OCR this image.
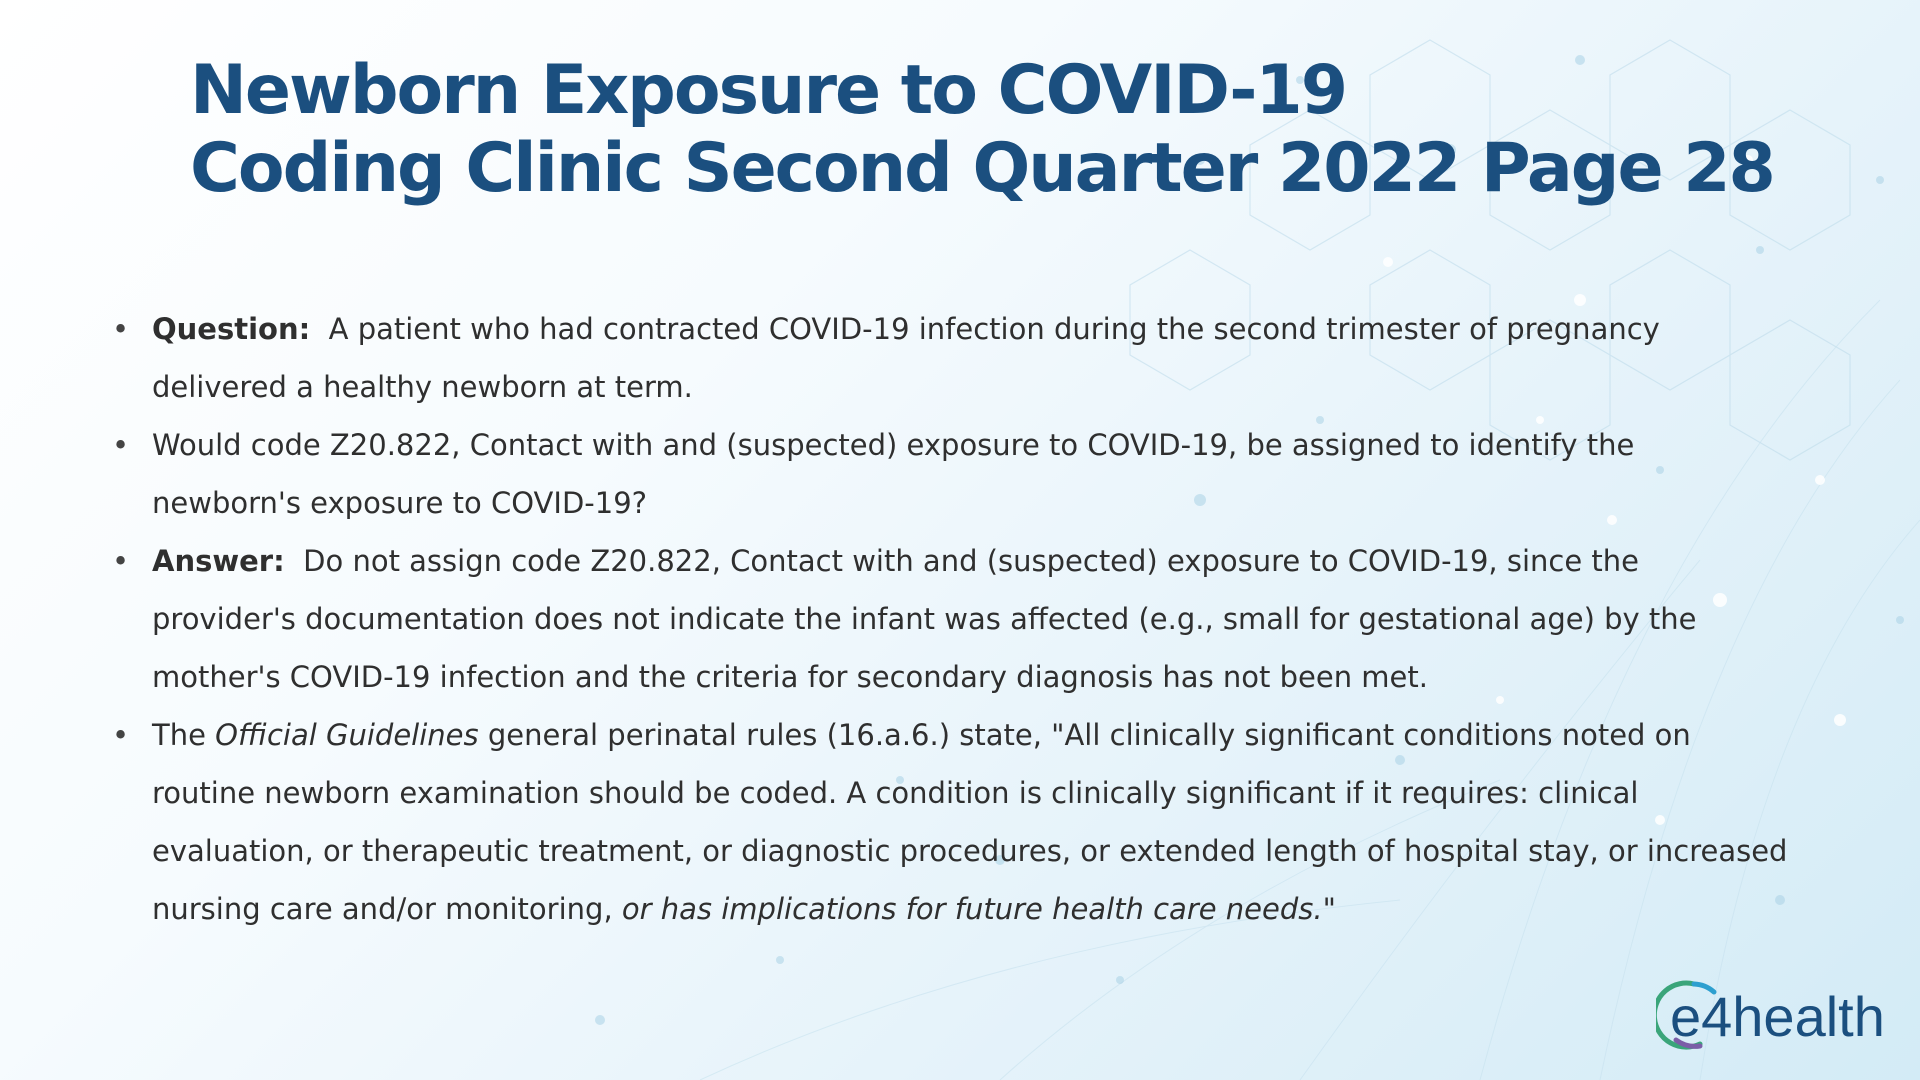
Newborn Exposure to COVID-19
Coding Clinic Second Quarter 2022 Page 28
• Question: A patient who had contracted COVID-19 infection during the second trimester of pregnancy delivered a healthy newborn at term.
• Would code Z20.822, Contact with and (suspected) exposure to COVID-19, be assigned to identify the newborn's exposure to COVID-19?
• Answer: Do not assign code Z20.822, Contact with and (suspected) exposure to COVID-19, since the provider's documentation does not indicate the infant was affected (e.g., small for gestational age) by the mother's COVID-19 infection and the criteria for secondary diagnosis has not been met.
• The Official Guidelines general perinatal rules (16.a.6.) state, "All clinically significant conditions noted on routine newborn examination should be coded. A condition is clinically significant if it requires: clinical evaluation, or therapeutic treatment, or diagnostic procedures, or extended length of hospital stay, or increased nursing care and/or monitoring, or has implications for future health care needs."
e4health
